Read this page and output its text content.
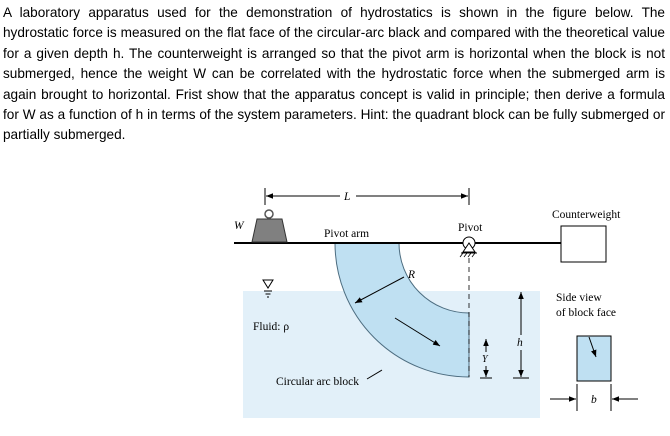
A laboratory apparatus used for the demonstration of hydrostatics is shown in the figure below. The hydrostatic force is measured on the flat face of the circular-arc black and compared with the theoretical value for a given depth h. The counterweight is arranged so that the pivot arm is horizontal when the block is not submerged, hence the weight W can be correlated with the hydrostatic force when the submerged arm is again brought to horizontal. Frist show that the apparatus concept is valid in principle; then derive a formula for W as a function of h in terms of the system parameters. Hint: the quadrant block can be fully submerged or partially submerged.

L
W
Pivot arm	Pivot
Counterweight
R
Fluid: ρ
h
Y
Side view
of block face
b
Circular arc block
